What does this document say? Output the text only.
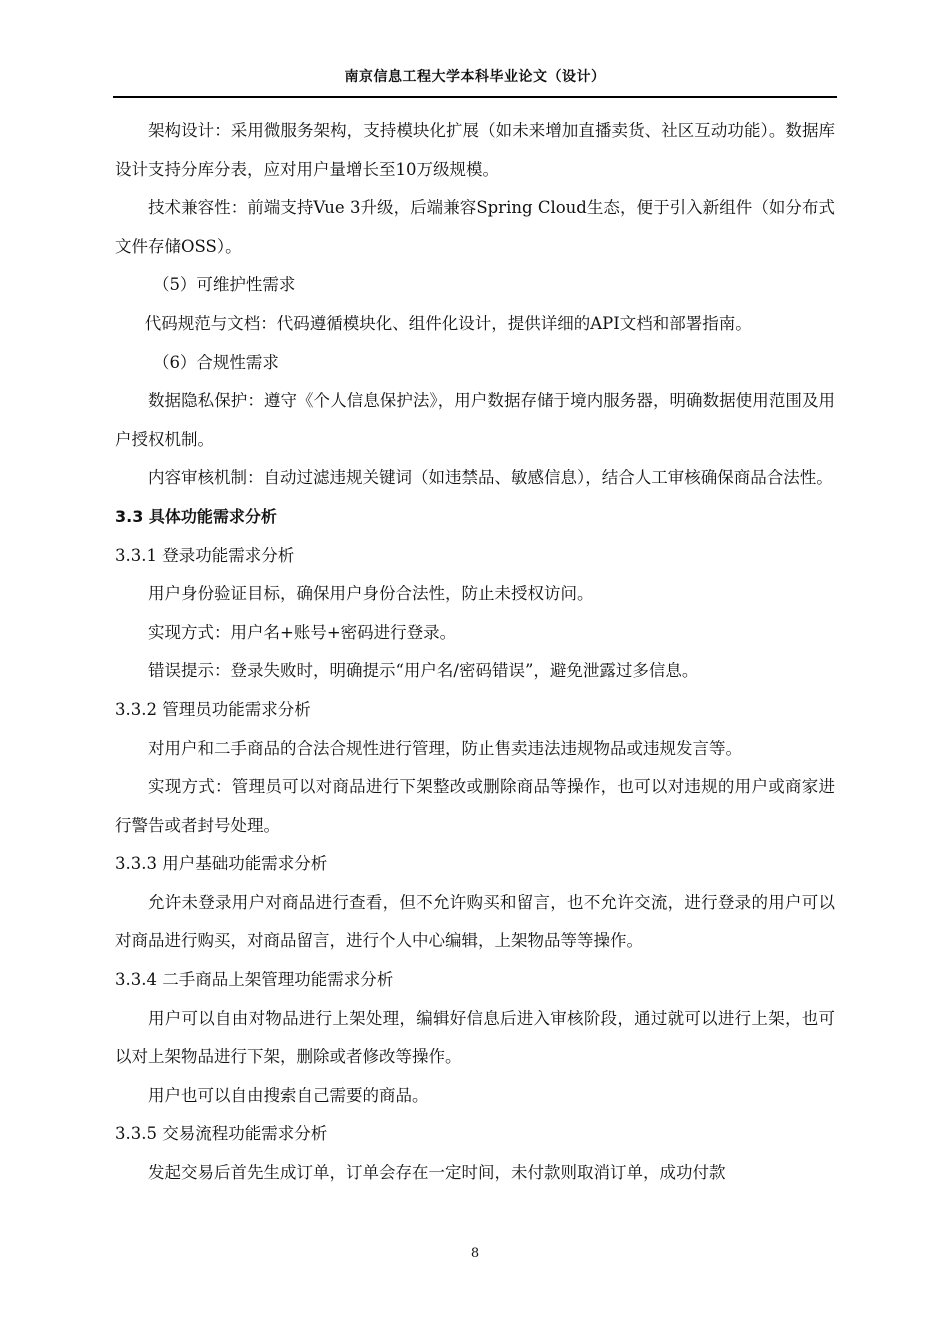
南京信息工程大学本科毕业论文（设计）

架构设计：采用微服务架构，支持模块化扩展（如未来增加直播卖货、社区互动功能）。数据库设计支持分库分表，应对用户量增长至10万级规模。

技术兼容性：前端支持Vue 3升级，后端兼容Spring Cloud生态，便于引入新组件（如分布式文件存储OSS）。

（5）可维护性需求

代码规范与文档：代码遵循模块化、组件化设计，提供详细的API文档和部署指南。

（6）合规性需求

数据隐私保护：遵守《个人信息保护法》，用户数据存储于境内服务器，明确数据使用范围及用户授权机制。

内容审核机制：自动过滤违规关键词（如违禁品、敏感信息），结合人工审核确保商品合法性。

3.3 具体功能需求分析

3.3.1 登录功能需求分析

用户身份验证目标，确保用户身份合法性，防止未授权访问。

实现方式：用户名+账号+密码进行登录。

错误提示：登录失败时，明确提示“用户名/密码错误”，避免泄露过多信息。

3.3.2 管理员功能需求分析

对用户和二手商品的合法合规性进行管理，防止售卖违法违规物品或违规发言等。

实现方式：管理员可以对商品进行下架整改或删除商品等操作，也可以对违规的用户或商家进行警告或者封号处理。

3.3.3 用户基础功能需求分析

允许未登录用户对商品进行查看，但不允许购买和留言，也不允许交流，进行登录的用户可以对商品进行购买，对商品留言，进行个人中心编辑，上架物品等等操作。

3.3.4 二手商品上架管理功能需求分析

用户可以自由对物品进行上架处理，编辑好信息后进入审核阶段，通过就可以进行上架，也可以对上架物品进行下架，删除或者修改等操作。

用户也可以自由搜索自己需要的商品。

3.3.5 交易流程功能需求分析

发起交易后首先生成订单，订单会存在一定时间，未付款则取消订单，成功付款

8
